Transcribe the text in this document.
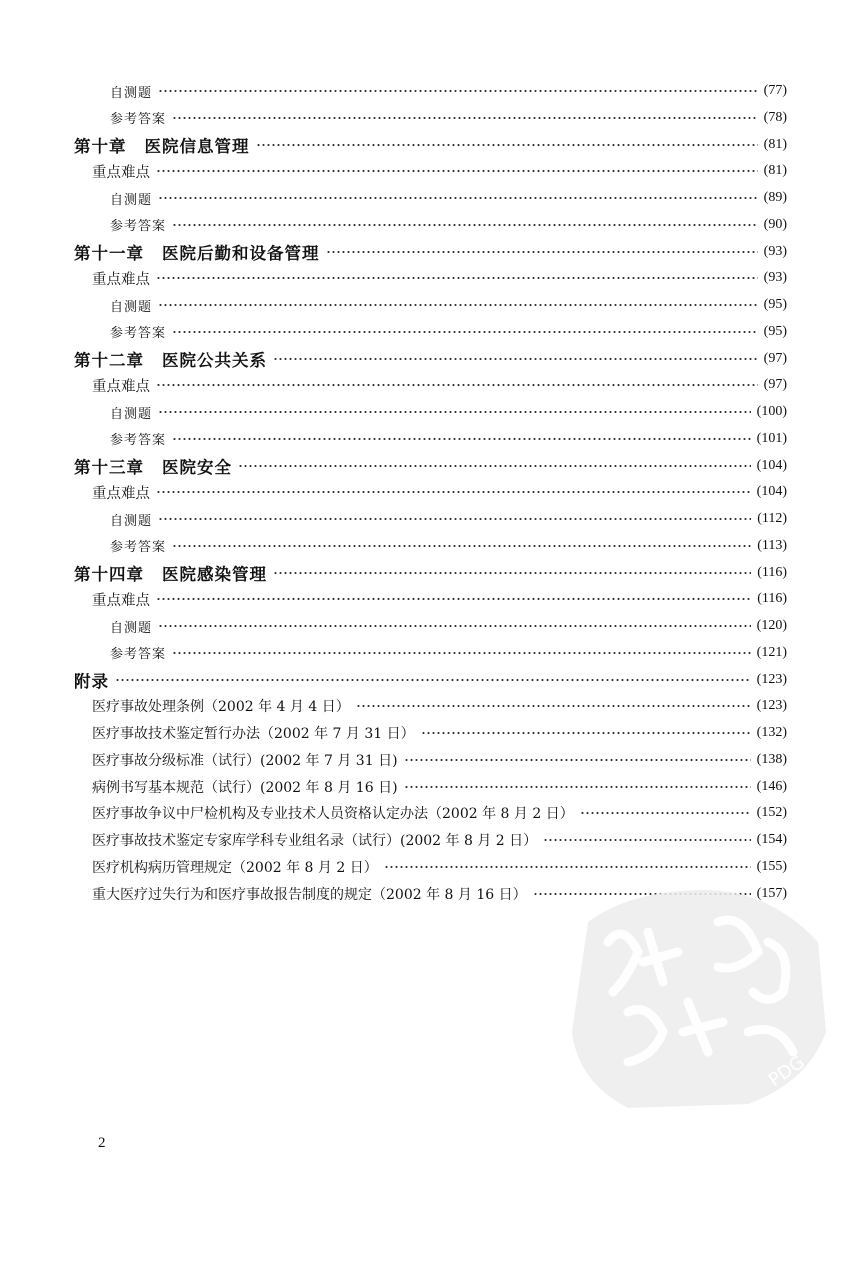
自测题	(77)
参考答案	(78)
第十章 医院信息管理	(81)
重点难点	(81)
自测题	(89)
参考答案	(90)
第十一章 医院后勤和设备管理	(93)
重点难点	(93)
自测题	(95)
参考答案	(95)
第十二章 医院公共关系	(97)
重点难点	(97)
自测题	(100)
参考答案	(101)
第十三章 医院安全	(104)
重点难点	(104)
自测题	(112)
参考答案	(113)
第十四章 医院感染管理	(116)
重点难点	(116)
自测题	(120)
参考答案	(121)
附录	(123)
医疗事故处理条例（2002 年 4 月 4 日）	(123)
医疗事故技术鉴定暂行办法（2002 年 7 月 31 日）	(132)
医疗事故分级标准（试行）(2002 年 7 月 31 日)	(138)
病例书写基本规范（试行）(2002 年 8 月 16 日)	(146)
医疗事故争议中尸检机构及专业技术人员资格认定办法（2002 年 8 月 2 日）	(152)
医疗事故技术鉴定专家库学科专业组名录（试行）(2002 年 8 月 2 日）	(154)
医疗机构病历管理规定（2002 年 8 月 2 日）	(155)
重大医疗过失行为和医疗事故报告制度的规定（2002 年 8 月 16 日）	(157)
2
PDG
